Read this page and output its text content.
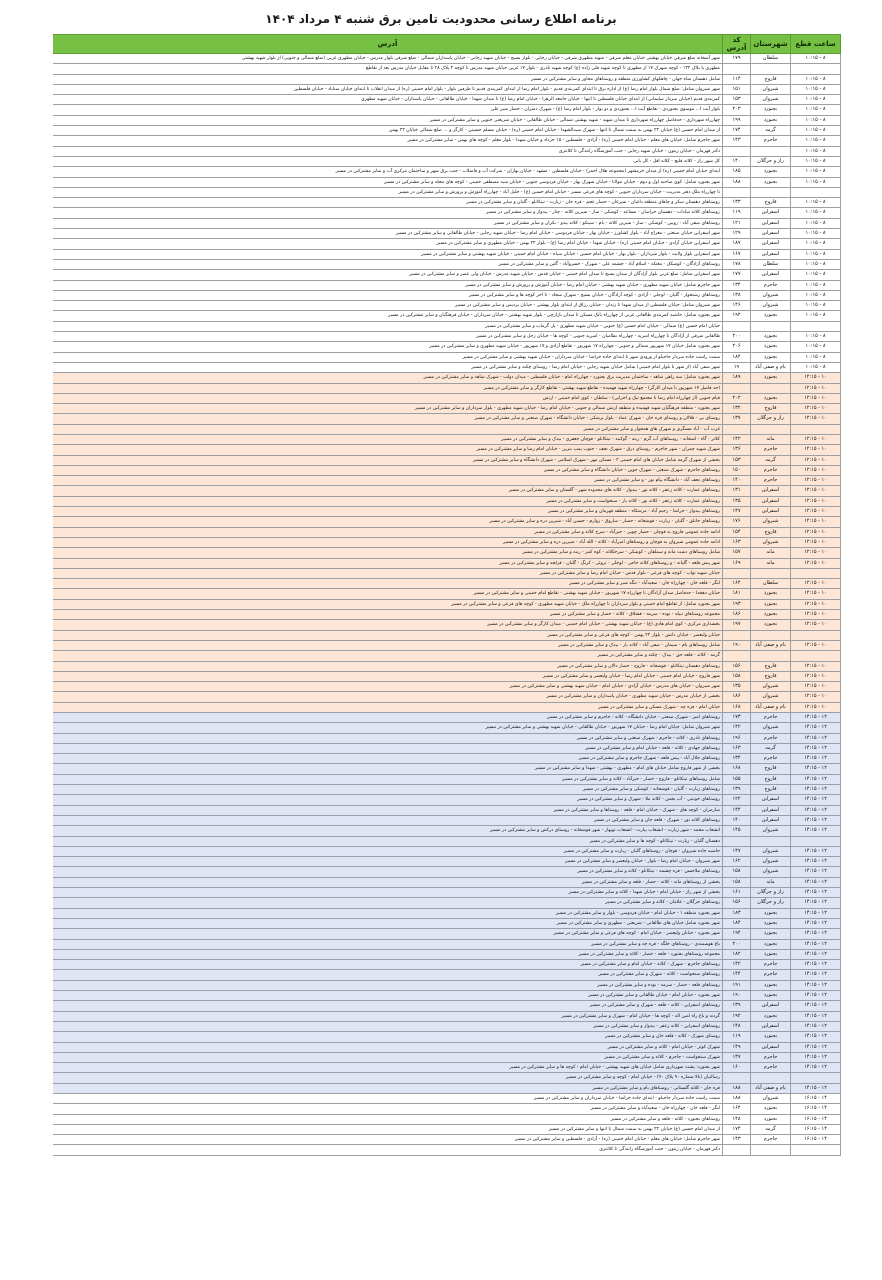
برنامه اطلاع رسانی محدودیت تامین برق شنبه ۴ مرداد ۱۴۰۴
ساعت قطع	شهرستان	کد آدرس	آدرس
۸ - ۱۰:۱۵	سلطان	۱۷۹	شهر آشخانه ضلع شرقی خیابان بهشتی خیابان معلم شرقی - شهید مطهری شرقی - خیابان رجایی - بلوار بسیج - خیابان شهید رجایی - خیابان پاسداران شمالی - ضلع شرقی بلوار مدرس - خیابان مطهری غربی (ضلع شمالی و جنوبی) از بلوار شهید بهشتی
			مطهری یا بلاک ۱۳۲ - کوچه شهرک ۱۷ از مطهری تا کوچه شهید قلی زاده (ع) کوچه شهید نادری - بلوار ۱۷ غربی خیابان شهید مدرس تا کوچه ۲ پلاک ۲۸ تا مقابل خیابان مدرس بعد از تقاطع
۸ - ۱۰:۱۵	فاروج	۱۱۴	شامل دهستان شاه جهان - چاهکهای کشاورزی منطقه و روستاهای مجاور و سایر مشترکین در مسیر
۸ - ۱۰:۱۵	شیروان	۱۵۱	شهر شیروان شامل: ضلع شمال بلوار امام رضا (ع) از اداره برق تا ابتدای کمربندی قدیم - بلوار امام رضا از ابتدای کمربندی قدیم تا طرفین بلوار - بلوار امام خمینی (ره) از میدان انقلاب تا ابتدای خیابان سناباد - خیابان فلسطین
۸ - ۱۰:۱۵	شیروان	۱۵۳	کمربندی قدیم (خیابان سردار سلیمانی) از ابتدای خیابان فلسطین تا انتها - خیابان جامعه الزهرا - خیابان امام رضا (ع) تا میدان شهدا - خیابان طالقانی - خیابان پاسداران - خیابان شهید مطهری
۸ - ۱۰:۱۵	بجنورد	۲۰۳	بلوار آیت ا... موسوی بجنوردی - تقاطع آیت ا... بجنوردی و دو بوار - بلوار امام رضا (ع) - شهرک دمیران - حصار شیر علی
۸ - ۱۰:۱۵	بجنورد	۱۹۹	چهارراه شهرداری - حدفاصل چهارراه شهرداری تا میدان شهید - شهید بهشتی شمالی - خیابان طالقانی - خیابان شریعتی جنوبی و سایر مشترکین در مسیر
۸ - ۱۰:۱۵	گرمه	۱۷۴	از میدان امام حسین (ع) خیابان ۲۲ بهمن به سمت شمال تا انتها - شهرک سیدالشهدا - خیابان امام خمینی (ره) - خیابان مسلم حسینی - کارگر و ... ضلع شمالی خیابان ۲۲ بهمن
۸ - ۱۰:۱۵	جاجرم	۱۴۳	شهر جاجرم شامل: خیابان های معلم - خیابان امام خمینی (ره) - آزادی - فلسطین - ۱۵ خرداد و خیابان شهدا - بلوار معلم - کوچه های بهمن - سایر مشترکین در مسیر
۸ - ۱۰:۱۵			دکتر قهرمان - خیابان زیتون - خیابان شهید رجایی - جنب آموزشگاه رانندگی تا کلانتری
۸ - ۱۰:۱۵	راز و جرگلان	۱۴۰	کل شهر راز - کلاته قلیچ - کلاته اقل - کل بابی
۸ - ۱۰:۱۵	بجنورد	۱۸۵	ابتدای خیابان امام خمینی (ره) از میدان خرمشهر (مجموعه هلال احمر) - خیابان فلسطین - مشهد - خیابان بهاران - شرکت آب و فاضلاب - جنب برق شهر و ساختمان مرکزی آب و سایر مشترکین در مسیر
۸ - ۱۰:۱۵	بجنورد	۱۸۸	شهر بجنورد شامل: کوی صاحبه اول و دوم - خیابان مولانا - خیابان شهرک بهار - خیابان فردوسی جنوبی - خیابان سید مصطفی خمینی - کوچه های محله و سایر مشترکین در مسیر
			تا چهارراه ملک دفتر مدیریت - خیابان سرداران جنوبی - کوچه های فرعی مسیر - خیابان امام حسین (ع) - جلیل آباد - چهارراه آموزش و پرورش و سایر مشترکین در مسیر
۸ - ۱۰:۱۵	فاروج	۱۳۳	روستاهای دهستان سکر و چاهای منطقه داغیان - شیرغان - حصار عجم - قره خان - زیارت - تیتکانلو - گلیان و سایر مشترکین در مسیر
۸ - ۱۰:۱۵	اسفراین	۱۱۹	روستاهای کلاته سادات - دهستان خراسان - مساعد - کوشکی - ساز - شیرین کلاته - چنار - بیدواز و سایر مشترکین در مسیر
۸ - ۱۰:۱۵	اسفراین	۱۲۱	روستاهای صفی آباد - رویین - کوشکی - ساز - شیرین کلاته - بام - سیتکو - کلاته بیدو - بکران و سایر مشترکین در مسیر
۸ - ۱۰:۱۵	اسفراین	۱۲۹	شهر اسفراین خیابان صنعتی - معراج آباد - بلوار کشاورز - خیابان بهار - خیابان فردوسی - خیابان امام رضا - خیابان شهید رجایی - خیابان طالقانی و سایر مشترکین در مسیر
۸ - ۱۰:۱۵	اسفراین	۱۸۷	شهر اسفراین خیابان آزادی - خیابان امام خمینی (ره) - خیابان شهدا - خیابان امام رضا (ع) - بلوار ۲۲ بهمن - خیابان مطهری و سایر مشترکین در مسیر
۸ - ۱۰:۱۵	اسفراین	۱۶۷	شهر اسفراین بلوار ولایت - بلوار سرداران - بلوار بهار - خیابان امام حسین - خیابان سیاه - خیابان امام خمینی - خیابان شهید بهشتی و سایر مشترکین در مسیر
۸ - ۱۰:۱۵	سلطان	۱۷۸	روستاهای آزادگان - کوشکک - مغتکه - اسلام آباد - چشمه علی - شهرک - خسروآباد - گلین و سایر مشترکین در مسیر
۸ - ۱۰:۱۵	اسفراین	۱۷۷	شهر اسفراین شامل: ضلع غربی بلوار آزادگان از میدان بسیج تا میدان امام خمینی - خیابان قدس - خیابان شهید مدرس - خیابان ولی عصر و سایر مشترکین در مسیر
۸ - ۱۰:۱۵	جاجرم	۱۳۴	شهر جاجرم شامل: خیابان شهید مطهری - خیابان شهید بهشتی - خیابان امام رضا - خیابان آموزش و پرورش و سایر مشترکین در مسیر
۸ - ۱۰:۱۵	شیروان	۱۳۸	روستاهای رشتخوار - گلیان - لوجلی - آزادی - کوچه آزادگان - خیابان بسیج - شهرک سجاد - تا اخر کوچه ها و سایر مشترکین در مسیر
۸ - ۱۰:۱۵	شیروان	۱۴۶	شهر شیروان شامل: خیابان فلسطین از میدان شهدا تا زندان - خیابان رزاق از ابتدای بلوار بهشتی - خیابان پردیس و سایر مشترکین در مسیر
۸ - ۱۰:۱۵	بجنورد	۱۹۲	شهر بجنورد شامل: حاشیه کمربندی طالقانی غربی از چهارراه بانک مسکن تا میدان بازارچی - بلوار شهید بهشتی - خیابان سرداران - خیابان فرهنگیان و سایر مشترکین در مسیر
			خیابان امام حسین (ع) شمالی - خیابان امام حسین (ع) جنوبی - خیابان شهید مطهری - پل گرماب و سایر مشترکین در مسیر
۸ - ۱۰:۱۵	بجنورد	۲۰۰	طالقانی شرقی از آزادگان تا چهارراه امیریه - چهارراه نظامیان - امیریه جنوبی - کوچه ها - خیابان زحل و سایر مشترکین در مسیر
۸ - ۱۰:۱۵	بجنورد	۲۰۶	شهر بجنورد شامل خیابان ۱۷ شهریور شمالی و جنوبی - چهارراه ۱۷ شهریور - تقاطع آزادی و ۱۷ شهریور - خیابان شهید مطهری و سایر مشترکین در مسیر
۸ - ۱۰:۱۵	بجنورد	۱۸۴	سمت راست جاده سردار جاجیلو از ورودی شهر تا ابتدای جاده خراشا - خیابان سرداران - خیابان شهید بهشتی و سایر مشترکین در مسیر
۸ - ۱۰:۱۵	بام و صفی آباد	۱۹	شهر صفی آباد (از شهر تا بلوار امام خمینی) شامل خیابان شهید رجایی - خیابان امام رضا - روستای چکنه و سایر مشترکین در مسیر
۱۰ - ۱۲:۱۵	بجنورد	۱۸۹	شهر بجنورد شامل: سه راهی شاهد - ساختمان مدیریت برق بجنورد - چهارراه امام - خیابان فلسطین - میدان دولت - شهرک شاهد و سایر مشترکین در مسیر
۱۰ - ۱۲:۱۵			(حد فاصل ۱۷ شهریور تا میدان کارگر) - چهارراه شهید فهمیده - تقاطع شهید بهشتی - تقاطع کارگر و سایر مشترکین در مسیر
۱۰ - ۱۲:۱۵	بجنورد	۲۰۲	قیام جنوبی (از چهارراه امام رضا تا مجتمع تیک و اجرایی) - سلطان - کوی امام خمینی - ارتش
۱۰ - ۱۲:۱۵	فاروج	۱۳۲	شهر بجنورد - منطقه فرهنگیان شهید فهمیده و منطقه ارتش شمالی و جنوبی - خیابان امام رضا - خیابان شهید مطهری - بلوار سرداران و سایر مشترکین در مسیر
۱۰ - ۱۲:۱۵	راز و جرگلان	۱۳۷	روستای یی - قلالان و روستای قره خان - شهرک عماد - بلوار پزشکی - خیابان دانشگاه - شهرک صنعتی و سایر مشترکین در مسیر
			غرب آب - آباد مسگری و شهرک های همجوار و سایر مشترکین در مسیر
۱۰ - ۱۲:۱۵	مانه	۱۴۲	کلاتر - گاه - اشخانه - روستاهای آب گرم - رینه - گوکبند - تیتکانلو - قوچان جعفری - بیدک و سایر مشترکین در مسیر
۱۰ - ۱۲:۱۵	جاجرم	۱۳۶	شهرک شهید چمران - شهر جاجرم - روستای درق - شهرک نجف - جنوب پمپ بنزین - خیابان امام رضا و سایر مشترکین در مسیر
۱۰ - ۱۲:۱۵	گرمه	۱۵۳	بخشی از شهرک گرمه شامل خیابان های امام خمینی ۲ - مسکن مهر - شهرک اسلامی - شهرک دانشگاه و سایر مشترکین در مسیر
۱۰ - ۱۲:۱۵	جاجرم	۱۵۰	روستاهای جاجرم - شهرک صنعتی - شهرک جوین - خیابان دانشگاه و سایر مشترکین در مسیر
۱۰ - ۱۲:۱۵	جاجرم	۱۴۰	روستاهای نجف آباد - دانشگاه پیام نور - و سایر مشترکین در مسیر
۱۰ - ۱۲:۱۵	اسفراین	۱۳۱	روستاهای عمارت - کلاته زعفر - کلاته نور - بیدواز - کلاته های محدوده شهر - گلستان و سایر مشترکین در مسیر
۱۰ - ۱۲:۱۵	اسفراین	۱۳۵	روستاهای عمارت - کلاته زعفر - کلاته نور - کلاته یار - سنخواست و سایر مشترکین در مسیر
۱۰ - ۱۲:۱۵	اسفراین	۱۴۷	روستاهای بیدواز - خراشا - رحیم آباد - مرشکاه - منطقه قهرمان و سایر مشترکین در مسیر
۱۰ - ۱۲:۱۵	شیروان	۱۷۶	روستاهای خانلق - گلیان - زیارت - قوشخانه - حصار - ساروق - زوارم - حسین آباد - شیرین دره و سایر مشترکین در مسیر
۱۰ - ۱۲:۱۵	فاروج	۱۵۴	ادامه جاده عمومی فاروج به قوچان - حصار چوبی - خیرآباد - سرخ کلاته و سایر مشترکین در مسیر
۱۰ - ۱۲:۱۵	شیروان	۱۶۳	ادامه جاده عمومی شیروان به قوچان و روستاهای امیرآباد - کلاته - الله آباد - شیرین دره و سایر مشترکین در مسیر
۱۰ - ۱۲:۱۵	مانه	۱۵۷	شامل روستاهای دشت مانه و سملقان - کوشکی - سرخکلاته - کوه کمر - رینه و سایر مشترکین در مسیر
۱۰ - ۱۲:۱۵	مانه	۱۶۹	شهر پیش قلعه - گلیانه - و روستاهای کلاته حاجی - لوجلی - تروئی - کرنگ - گلیان - قزلجه و سایر مشترکین در مسیر
			خیابان شهید نواب - کوچه های فرعی - بلوار قدس - خیابان امام رضا و سایر مشترکین در مسیر
۱۰ - ۱۲:۱۵	سلطان	۱۶۴	لنگر - قلعه خان - چهارراه خان - سعیدآباد - تنگه شیر و سایر مشترکین در مسیر
۱۰ - ۱۲:۱۵	بجنورد	۱۸۱	خیابان دهخدا - حدفاصل میدان آزادگان تا چهارراه ۱۷ شهریور - خیابان شهید بهشتی - تقاطع امام خمینی و سایر مشترکین در مسیر
۱۰ - ۱۲:۱۵	بجنورد	۱۹۳	شهر بجنورد شامل: از تقاطع امام خمینی و بلوار سرداران تا چهارراه ملک - خیابان شهید مطهری - کوچه های فرعی و سایر مشترکین در مسیر
۱۰ - ۱۲:۱۵	بجنورد	۱۸۶	مجموعه روستاهای نبیله - نوده - سرمه - قشلاق - کلاته - حصار و سایر مشترکین در مسیر
۱۰ - ۱۲:۱۵	بجنورد	۱۹۷	بخشداری مرکزی - کوی امام هادی (ع) - خیابان شهید بهشتی - خیابان امام خمینی - میدان کارگر و سایر مشترکین در مسیر
			خیابان ولیعصر - خیابان دانش - بلوار ۲۲ بهمن - کوچه های فرعی و سایر مشترکین در مسیر
۱۰ - ۱۲:۱۵	بام و صفی آباد	۱۹۰	شامل روستاهای بام - سیمان - صفی آباد - کلاته یار - بیدک و سایر مشترکین در مسیر
			گرمه - کلاته - قلعه جق - بیدک - چکنه و سایر مشترکین در مسیر
۱۰ - ۱۲:۱۵	فاروج	۱۵۶	روستاهای دهستان تیتکانلو - قوشخانه - فاروج - حصار دالان و سایر مشترکین در مسیر
۱۰ - ۱۲:۱۵	فاروج	۱۵۸	شهر فاروج - خیابان امام خمینی - خیابان امام رضا - خیابان ولیعصر و سایر مشترکین در مسیر
۱۰ - ۱۲:۱۵	شیروان	۱۳۵	شهر شیروان - خیابان های مدرس - خیابان آزادی - خیابان امام - خیابان شهید بهشتی و سایر مشترکین در مسیر
۱۰ - ۱۲:۱۵	شیروان	۱۸۶	بخشی از خیابان مدرس - خیابان شهید مطهری - خیابان پاسداران و سایر مشترکین در مسیر
۱۰ - ۱۲:۱۵	بام و صفی آباد	۱۶۸	خیابان امام - قره چه - شهرک مسکن و سایر مشترکین در مسیر
۱۲ - ۱۴:۱۵	جاجرم	۱۷۳	روستاهای امیر - شهرک صنعتی - خیابان دانشگاه - کلاته - جاجرم و سایر مشترکین در مسیر
۱۲ - ۱۴:۱۵	شیروان	۱۴۲	شهر شیروان شامل: خیابان امام رضا - خیابان ۱۷ شهریور - خیابان طالقانی - خیابان شهید بهشتی و سایر مشترکین در مسیر
۱۲ - ۱۴:۱۵	جاجرم	۱۹۶	روستاهای نادری - کلاته - جاجرم - شهرک صنعتی و سایر مشترکین در مسیر
۱۲ - ۱۴:۱۵	گرمه	۱۶۳	روستاهای جهادی - کلاته - قلعه - خیابان امام و سایر مشترکین در مسیر
۱۲ - ۱۴:۱۵	جاجرم	۱۳۴	روستاهای جلال آباد - پیش قلعه - شهرک جاجرم و سایر مشترکین در مسیر
۱۲ - ۱۴:۱۵	فاروج	۱۶۸	بخشی از شهر فاروج شامل خیابان های امام - مطهری - بهشتی - شهدا و سایر مشترکین در مسیر
۱۲ - ۱۴:۱۵	فاروج	۱۵۵	شامل روستاهای تیتکانلو - فاروج - حصار - خیرآباد - کلاته و سایر مشترکین در مسیر
۱۲ - ۱۴:۱۵	فاروج	۱۳۹	روستاهای زیارت - گلیان - قوشخانه - کوشکی و سایر مشترکین در مسیر
۱۲ - ۱۴:۱۵	اسفراین	۱۲۲	روستاهای خونیتی - آب بخش - کلاته ملا - شهرک و سایر مشترکین در مسیر
۱۲ - ۱۴:۱۵	اسفراین	۱۴۴	سارمران - کوچه های - شهرک - خیابان امام - قلعه - روستاها و سایر مشترکین در مسیر
۱۲ - ۱۴:۱۵	اسفراین	۱۴۰	روستاهای کلاته نور - شهرک - قلعه خان و سایر مشترکین در مسیر
۱۲ - ۱۴:۱۵	شیروان	۱۴۵	انشعاب محمد - شهر زیارت - انشعاب بیارت - انشعاب نوبهار - شهر قوشخانه - روستای درکش و سایر مشترکین در مسیر
			دهستان گلیان - زیارت - تیتکانلو - کوچه ها و سایر مشترکین در مسیر
۱۲ - ۱۴:۱۵	شیروان	۱۴۷	حاشیه جاده شیروان - قوچان - روستاهای گلیان - زیارت و سایر مشترکین در مسیر
۱۲ - ۱۴:۱۵	شیروان	۱۶۲	شهر شیروان - خیابان امام رضا - بلوار - خیابان ولیعصر و سایر مشترکین در مسیر
۱۲ - ۱۴:۱۵	شیروان	۱۵۸	روستاهای ملاحسن - قره چشمه - تیتکانلو - کلاته و سایر مشترکین در مسیر
۱۲ - ۱۴:۱۵	مانه	۱۵۸	بخشی از روستاهای مانه - کلاته - حصار - قلعه و سایر مشترکین در مسیر
۱۲ - ۱۴:۱۵	راز و جرگلان	۱۶۱	بخشی از شهر راز - خیابان امام - خیابان شهدا - کلاته و سایر مشترکین در مسیر
۱۲ - ۱۴:۱۵	راز و جرگلان	۱۵۶	روستاهای جرگلان - غلامان - کلاته و سایر مشترکین در مسیر
۱۲ - ۱۴:۱۵	بجنورد	۱۸۳	شهر بجنورد منطقه ۱ - خیابان امام - خیابان فردوسی - بلوار و سایر مشترکین در مسیر
۱۲ - ۱۴:۱۵	بجنورد	۱۸۴	شهر بجنورد شامل خیابان های طالقانی - شریعتی - مطهری و سایر مشترکین در مسیر
۱۲ - ۱۴:۱۵	بجنورد	۱۹۴	شهر بجنورد - خیابان ولیعصر - خیابان امام - کوچه های فرعی و سایر مشترکین در مسیر
۱۲ - ۱۴:۱۵	بجنورد	۲۰۰	باغ هوشمندی - روستاهای جلگه - قره چه و سایر مشترکین در مسیر
۱۲ - ۱۴:۱۵	بجنورد	۱۸۲	مجموعه روستاهای بجنورد - قلعه - حصار - کلاته و سایر مشترکین در مسیر
۱۲ - ۱۴:۱۵	جاجرم	۱۴۲	روستاهای جاجرم - شهرک - کلاته - خیابان امام و سایر مشترکین در مسیر
۱۲ - ۱۴:۱۵	جاجرم	۱۴۴	روستاهای سنخواست - کلاته - شهرک و سایر مشترکین در مسیر
۱۲ - ۱۴:۱۵	بجنورد	۱۹۱	روستاهای قلعه - حصار - سرمه - نوده و سایر مشترکین در مسیر
۱۲ - ۱۴:۱۵	بجنورد	۱۹۰	شهر بجنورد - خیابان امام - خیابان طالقانی و سایر مشترکین در مسیر
۱۲ - ۱۴:۱۵	اسفراین	۱۳۹	روستاهای اسفراین - کلاته - قلعه - شهرک و سایر مشترکین در مسیر
۱۲ - ۱۴:۱۵	بجنورد	۱۹۲	گردنه و باغ راه امین اله - کوچه ها - خیابان امام - شهرک و سایر مشترکین در مسیر
۱۲ - ۱۴:۱۵	اسفراین	۱۴۸	روستاهای اسفراین - کلاته زعفر - بیدواز و سایر مشترکین در مسیر
۱۲ - ۱۴:۱۵	بجنورد	۱۱۹	روستای شهرک - کلاته - قلعه خان و سایر مشترکین در مسیر
۱۲ - ۱۴:۱۵	اسفراین	۱۴۹	شهرک کوثر - خیابان امام - کلاته و سایر مشترکین در مسیر
۱۲ - ۱۴:۱۵	جاجرم	۱۴۷	شهرک سنخواست - جاجرم - کلاته و سایر مشترکین در مسیر
۱۲ - ۱۴:۱۵	جاجرم	۱۶۰	شهر بجنورد: پشت شهرداری شامل خیابان های شهید بهشتی - خیابان امام - کوچه ها و سایر مشترکین در مسیر
			رسالتیان (بالا شماره ۹۰ پلاک ۹۰) - خیابان امام - کوچه و سایر مشترکین در مسیر
۱۲ - ۱۴:۱۵	بام و صفی آباد	۱۸۸	قره خان - کلاته گلستانی - روستاهای بام و سایر مشترکین در مسیر
۱۴ - ۱۶:۱۵	شیروان	۱۸۸	سمت راست جاده سردار جاجیلو - ابتدای جاده خراشا - خیابان سرداران و سایر مشترکین در مسیر
۱۴ - ۱۶:۱۵	بجنورد	۱۶۴	لنگر - قلعه خان - چهارراه خان - سعیدآباد و سایر مشترکین در مسیر
۱۴ - ۱۶:۱۵	بجنورد	۱۴۸	روستاهای بجنورد - کلاته - قلعه و سایر مشترکین در مسیر
۱۴ - ۱۶:۱۵	گرمه	۱۷۴	از میدان امام حسین (ع) خیابان ۲۲ بهمن به سمت شمال تا انتها و سایر مشترکین در مسیر
۱۴ - ۱۶:۱۵	جاجرم	۱۴۳	شهر جاجرم شامل: خیابان های معلم - خیابان امام خمینی (ره) - آزادی - فلسطین و سایر مشترکین در مسیر
			دکتر قهرمان - خیابان زیتون - جنب آموزشگاه رانندگی تا کلانتری
